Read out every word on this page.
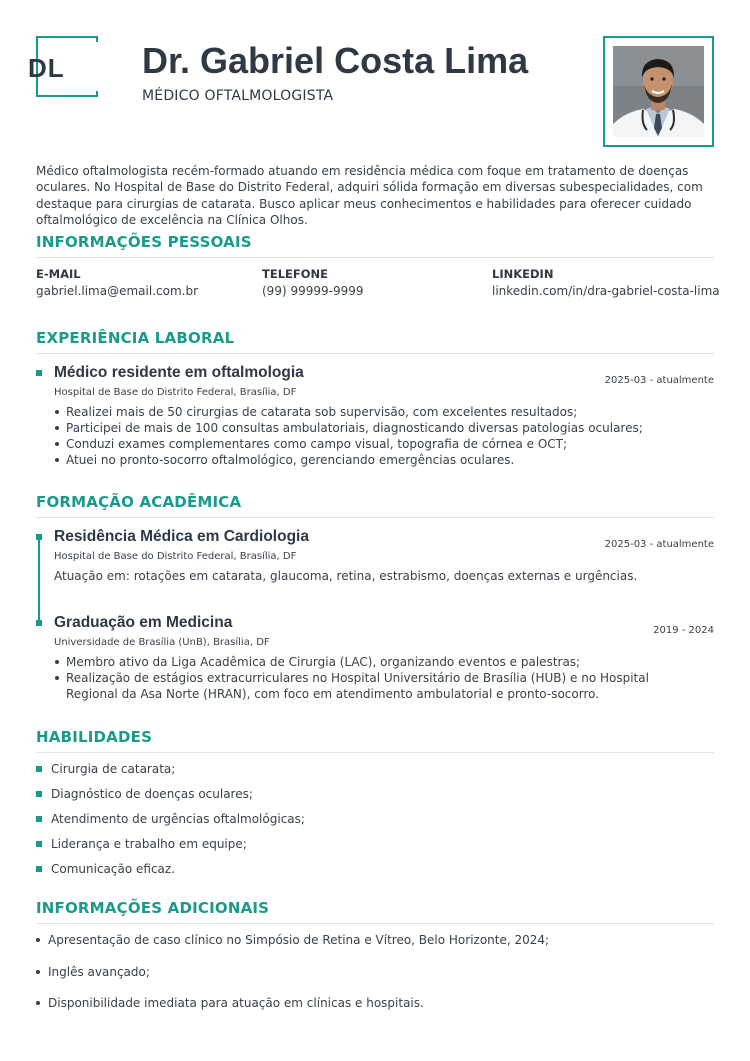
DL Dr. Gabriel Costa Lima
MÉDICO OFTALMOLOGISTA

Médico oftalmologista recém-formado atuando em residência médica com foque em tratamento de doenças oculares. No Hospital de Base do Distrito Federal, adquiri sólida formação em diversas subespecialidades, com destaque para cirurgias de catarata. Busco aplicar meus conhecimentos e habilidades para oferecer cuidado oftalmológico de excelência na Clínica Olhos.

INFORMAÇÕES PESSOAIS
E-MAIL
gabriel.lima@email.com.br
TELEFONE
(99) 99999-9999
LINKEDIN
linkedin.com/in/dra-gabriel-costa-lima
EXPERIÊNCIA LABORAL
Médico residente em oftalmologia
Hospital de Base do Distrito Federal, Brasília, DF
2025-03 - atualmente
Realizei mais de 50 cirurgias de catarata sob supervisão, com excelentes resultados;
Participei de mais de 100 consultas ambulatoriais, diagnosticando diversas patologias oculares;
Conduzi exames complementares como campo visual, topografia de córnea e OCT;
Atuei no pronto-socorro oftalmológico, gerenciando emergências oculares.
FORMAÇÃO ACADÊMICA
Residência Médica em Cardiologia
Hospital de Base do Distrito Federal, Brasília, DF
2025-03 - atualmente
Atuação em: rotações em catarata, glaucoma, retina, estrabismo, doenças externas e urgências.
Graduação em Medicina
Universidade de Brasília (UnB), Brasília, DF
2019 - 2024
Membro ativo da Liga Acadêmica de Cirurgia (LAC), organizando eventos e palestras;
Realização de estágios extracurriculares no Hospital Universitário de Brasília (HUB) e no Hospital Regional da Asa Norte (HRAN), com foco em atendimento ambulatorial e pronto-socorro.
HABILIDADES
Cirurgia de catarata;
Diagnóstico de doenças oculares;
Atendimento de urgências oftalmológicas;
Liderança e trabalho em equipe;
Comunicação eficaz.
INFORMAÇÕES ADICIONAIS
Apresentação de caso clínico no Simpósio de Retina e Vítreo, Belo Horizonte, 2024;
Inglês avançado;
Disponibilidade imediata para atuação em clínicas e hospitais.
